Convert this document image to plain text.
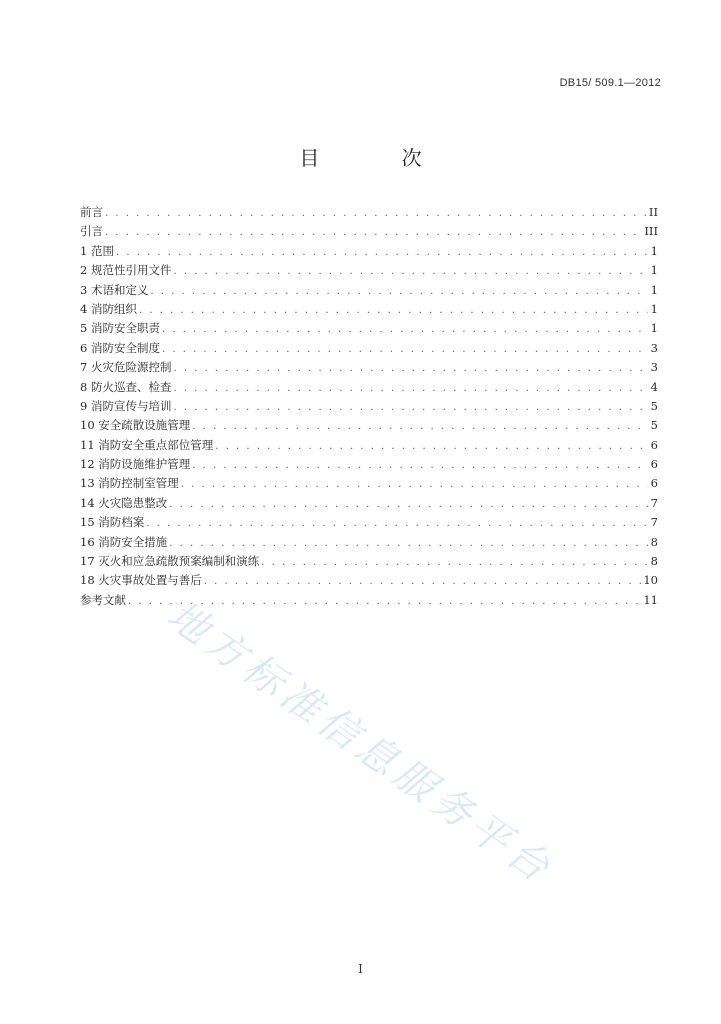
DB15/ 509.1—2012
目 次
前言 . . .	II
引言 . . .	III
1 范围 . . .	1
2 规范性引用文件 . . .	1
3 术语和定义 . . .	1
4 消防组织 . . .	1
5 消防安全职责 . . .	1
6 消防安全制度 . . .	3
7 火灾危险源控制 . . .	3
8 防火巡查、检查 . . .	4
9 消防宣传与培训 . . .	5
10 安全疏散设施管理 . . .	5
11 消防安全重点部位管理 . . .	6
12 消防设施维护管理 . . .	6
13 消防控制室管理 . . .	6
14 火灾隐患整改 . . .	7
15 消防档案 . . .	7
16 消防安全措施 . . .	8
17 灭火和应急疏散预案编制和演练 . . .	8
18 火灾事故处置与善后 . . .	10
参考文献 . . .	11
地方标准信息服务平台
I
